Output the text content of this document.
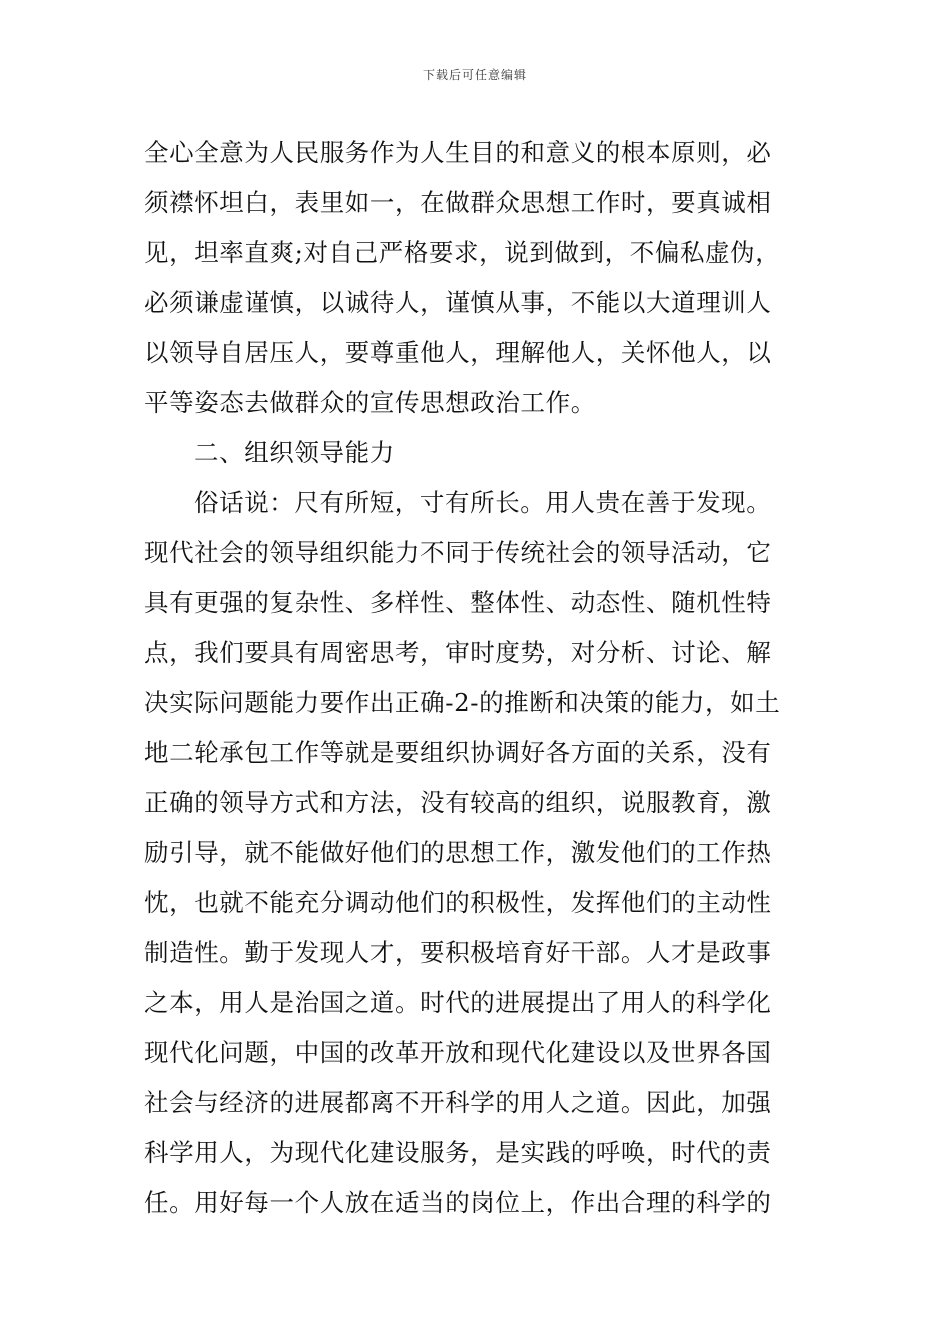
下载后可任意编辑
全心全意为人民服务作为人生目的和意义的根本原则，必
须襟怀坦白，表里如一，在做群众思想工作时，要真诚相
见，坦率直爽;对自己严格要求，说到做到，不偏私虚伪，
必须谦虚谨慎，以诚待人，谨慎从事，不能以大道理训人
以领导自居压人，要尊重他人，理解他人，关怀他人，以
平等姿态去做群众的宣传思想政治工作。
二、组织领导能力
俗话说：尺有所短，寸有所长。用人贵在善于发现。
现代社会的领导组织能力不同于传统社会的领导活动，它
具有更强的复杂性、多样性、整体性、动态性、随机性特
点，我们要具有周密思考，审时度势，对分析、讨论、解
决实际问题能力要作出正确-2-的推断和决策的能力，如土
地二轮承包工作等就是要组织协调好各方面的关系，没有
正确的领导方式和方法，没有较高的组织，说服教育，激
励引导，就不能做好他们的思想工作，激发他们的工作热
忱，也就不能充分调动他们的积极性，发挥他们的主动性
制造性。勤于发现人才，要积极培育好干部。人才是政事
之本，用人是治国之道。时代的进展提出了用人的科学化
现代化问题，中国的改革开放和现代化建设以及世界各国
社会与经济的进展都离不开科学的用人之道。因此，加强
科学用人，为现代化建设服务，是实践的呼唤，时代的责
任。用好每一个人放在适当的岗位上，作出合理的科学的
